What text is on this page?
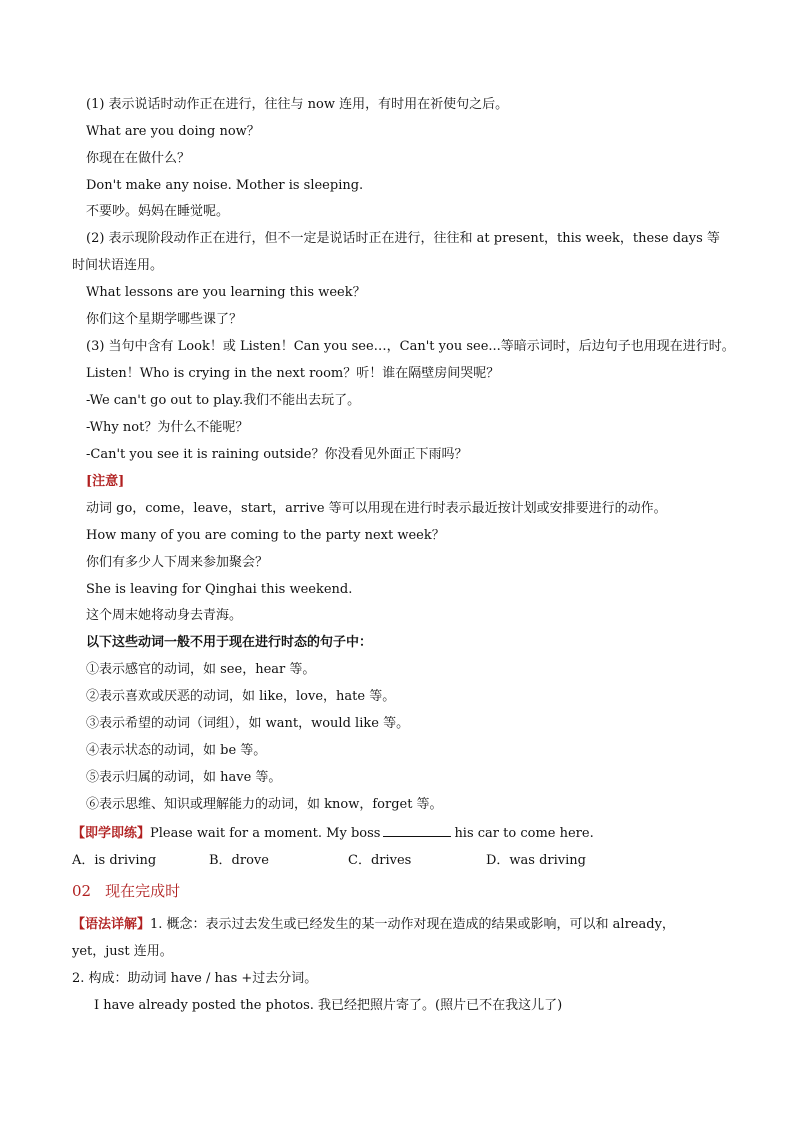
(1) 表示说话时动作正在进行，往往与 now 连用，有时用在祈使句之后。
What are you doing now？
你现在在做什么？
Don't make any noise. Mother is sleeping.
不要吵。妈妈在睡觉呢。
(2) 表示现阶段动作正在进行，但不一定是说话时正在进行，往往和 at present，this week，these days 等
时间状语连用。
What lessons are you learning this week？
你们这个星期学哪些课了？
(3) 当句中含有 Look！或 Listen！Can you see…，Can't you see...等暗示词时，后边句子也用现在进行时。
Listen！Who is crying in the next room？听！谁在隔壁房间哭呢？
-We can't go out to play.我们不能出去玩了。
-Why not？为什么不能呢？
-Can't you see it is raining outside？你没看见外面正下雨吗？
[注意]
动词 go，come，leave，start，arrive 等可以用现在进行时表示最近按计划或安排要进行的动作。
How many of you are coming to the party next week？
你们有多少人下周来参加聚会？
She is leaving for Qinghai this weekend.
这个周末她将动身去青海。
以下这些动词一般不用于现在进行时态的句子中：
①表示感官的动词，如 see，hear 等。
②表示喜欢或厌恶的动词，如 like，love，hate 等。
③表示希望的动词（词组），如 want，would like 等。
④表示状态的动词，如 be 等。
⑤表示归属的动词，如 have 等。
⑥表示思维、知识或理解能力的动词，如 know，forget 等。
【即学即练】Please wait for a moment. My boss	his car to come here.
A．is driving	B．drove	C．drives	D．was driving
02 现在完成时
【语法详解】1. 概念：表示过去发生或已经发生的某一动作对现在造成的结果或影响，可以和 already，
yet，just 连用。
2. 构成：助动词 have / has +过去分词。
I have already posted the photos. 我已经把照片寄了。(照片已不在我这儿了)
